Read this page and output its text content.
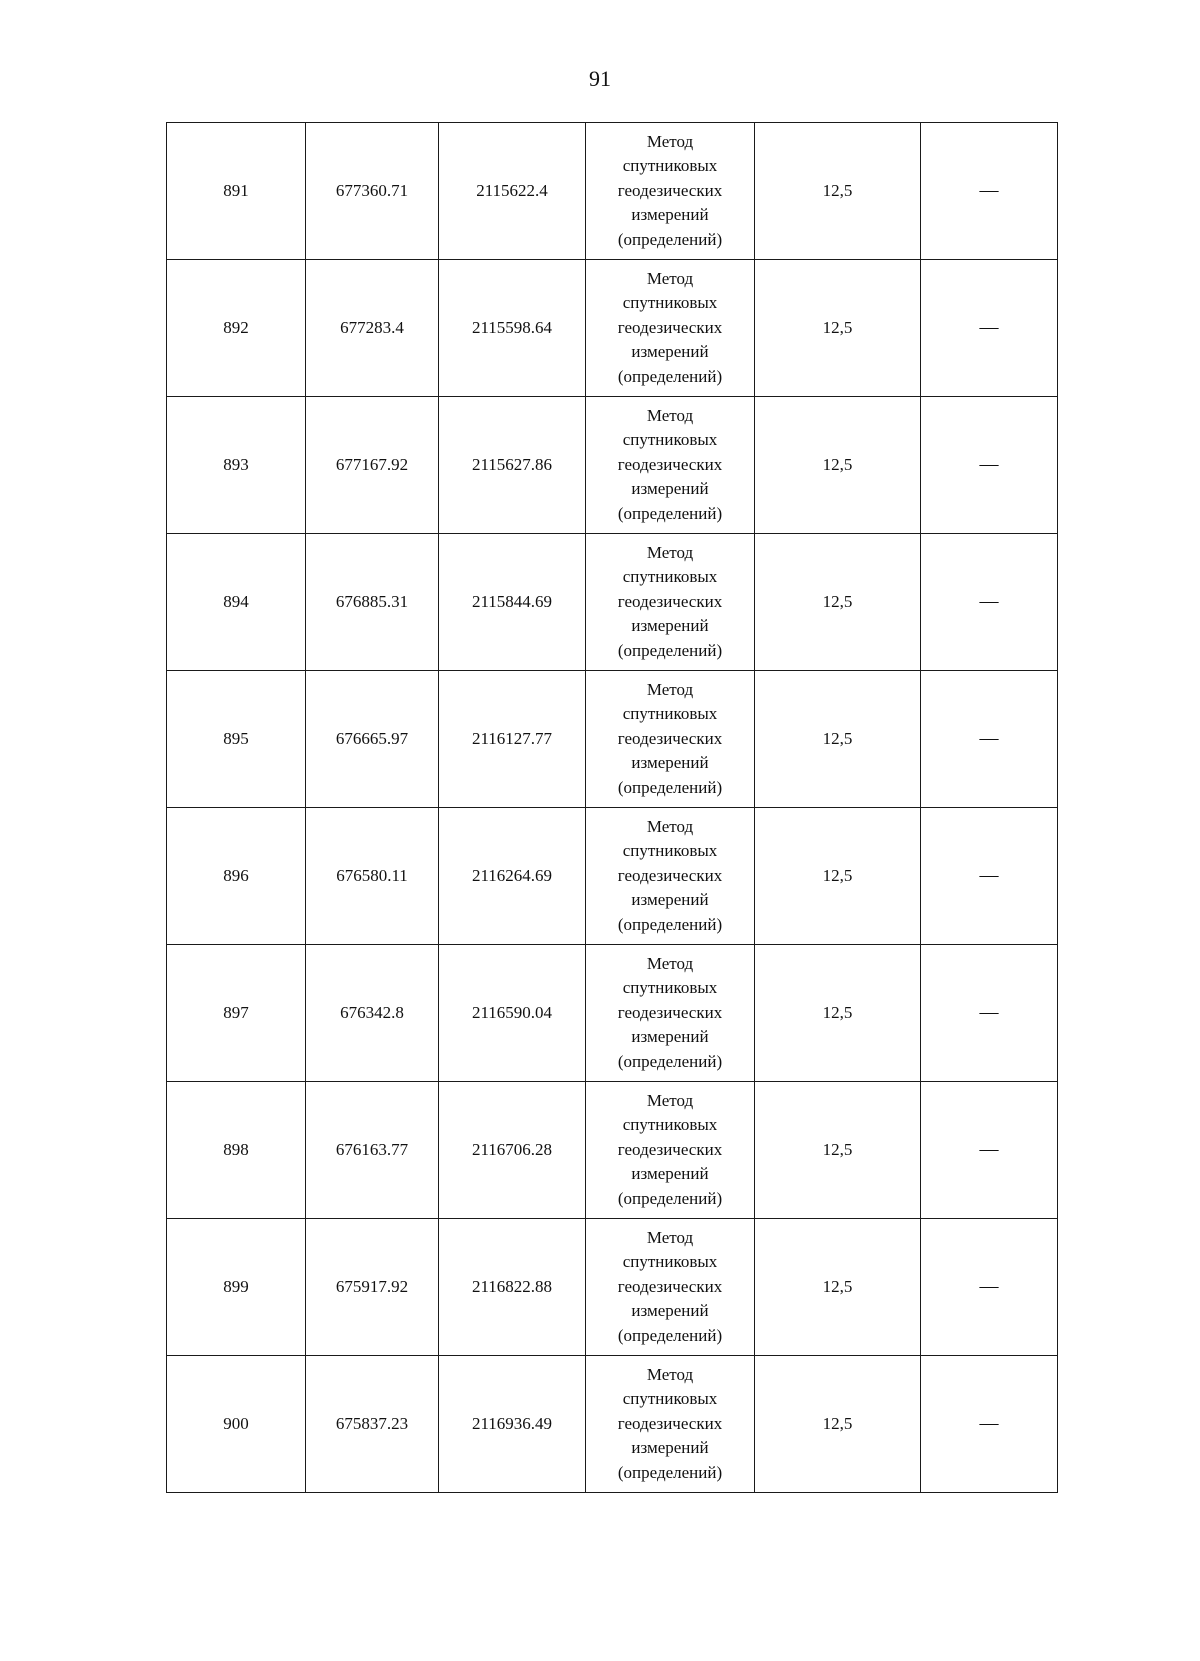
91
891	677360.71	2115622.4	Метод
спутниковых
геодезических
измерений
(определений)	12,5	—
892	677283.4	2115598.64	Метод
спутниковых
геодезических
измерений
(определений)	12,5	—
893	677167.92	2115627.86	Метод
спутниковых
геодезических
измерений
(определений)	12,5	—
894	676885.31	2115844.69	Метод
спутниковых
геодезических
измерений
(определений)	12,5	—
895	676665.97	2116127.77	Метод
спутниковых
геодезических
измерений
(определений)	12,5	—
896	676580.11	2116264.69	Метод
спутниковых
геодезических
измерений
(определений)	12,5	—
897	676342.8	2116590.04	Метод
спутниковых
геодезических
измерений
(определений)	12,5	—
898	676163.77	2116706.28	Метод
спутниковых
геодезических
измерений
(определений)	12,5	—
899	675917.92	2116822.88	Метод
спутниковых
геодезических
измерений
(определений)	12,5	—
900	675837.23	2116936.49	Метод
спутниковых
геодезических
измерений
(определений)	12,5	—
